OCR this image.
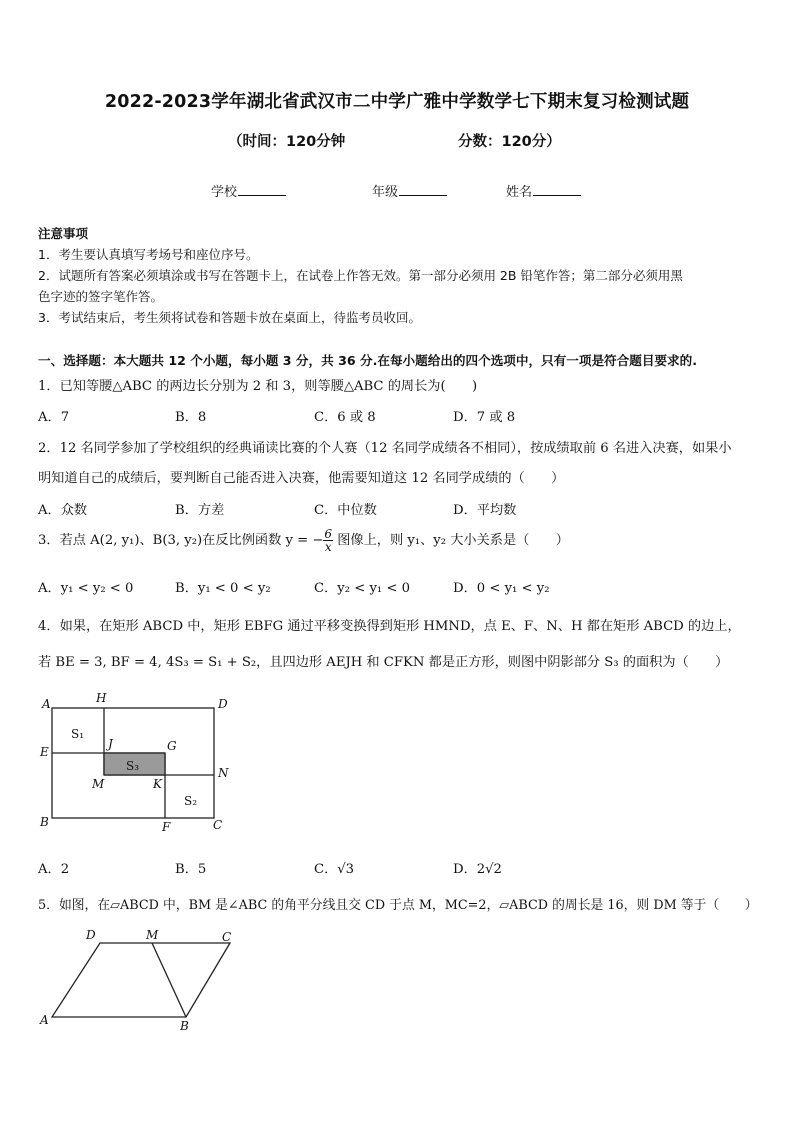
2022-2023学年湖北省武汉市二中学广雅中学数学七下期末复习检测试题
（时间：120分钟	分数：120分）
学校	年级	姓名
注意事项
1．考生要认真填写考场号和座位序号。
2．试题所有答案必须填涂或书写在答题卡上，在试卷上作答无效。第一部分必须用 2B 铅笔作答；第二部分必须用黑
色字迹的签字笔作答。
3．考试结束后，考生须将试卷和答题卡放在桌面上，待监考员收回。
一、选择题：本大题共 12 个小题，每小题 3 分，共 36 分.在每小题给出的四个选项中，只有一项是符合题目要求的.
1．已知等腰△ABC 的两边长分别为 2 和 3，则等腰△ABC 的周长为(　　)
A．7	B．8	C．6 或 8	D．7 或 8
2．12 名同学参加了学校组织的经典诵读比赛的个人赛（12 名同学成绩各不相同），按成绩取前 6 名进入决赛，如果小
明知道自己的成绩后，要判断自己能否进入决赛，他需要知道这 12 名同学成绩的（　　）
A．众数	B．方差	C．中位数	D．平均数
3．若点 A(2, y₁)、B(3, y₂)在反比例函数 y = − $\frac{6}{x}$ 图像上，则 y₁、y₂ 大小关系是（　　）
A．y₁ < y₂ < 0	B．y₁ < 0 < y₂	C．y₂ < y₁ < 0	D．0 < y₁ < y₂
4．如果，在矩形 ABCD 中，矩形 EBFG 通过平移变换得到矩形 HMND，点 E、F、N、H 都在矩形 ABCD 的边上，
若 BE = 3, BF = 4, 4S₃ = S₁ + S₂，且四边形 AEJH 和 CFKN 都是正方形，则图中阴影部分 S₃ 的面积为（　　）
A	H	D
E
J	G
N
M	K
B	F	C
S₁
S₃
S₂
A．2	B．5	C．√3	D．2√2
5．如图，在▱ABCD 中，BM 是∠ABC 的角平分线且交 CD 于点 M，MC=2，▱ABCD 的周长是 16，则 DM 等于（　　）
D	M	C
A	B
